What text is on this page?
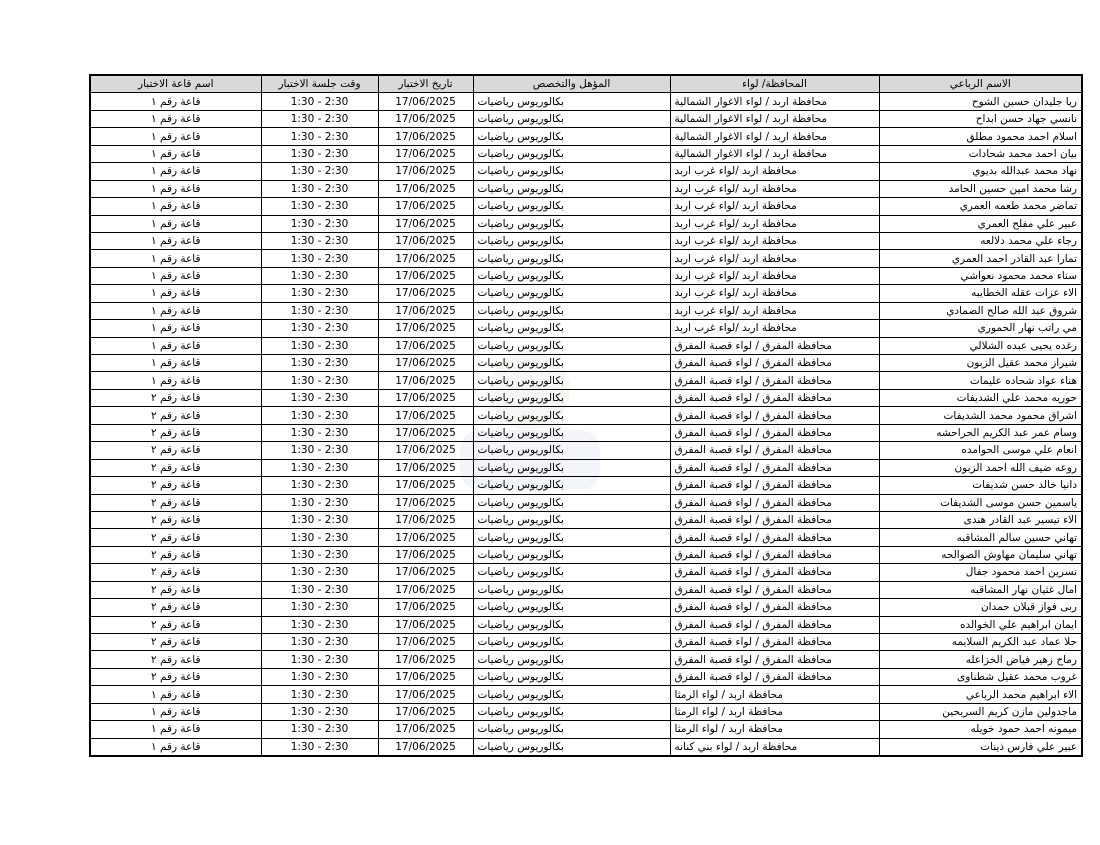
اسم قاعة الاختبار	وقت جلسة الاختبار	تاريخ الاختبار	المؤهل والتخصص	المحافظة/ لواء	الاسم الرباعي
قاعة رقم ١	1:30 - 2:30	17/06/2025	بكالوريوس رياضيات	محافظة اربد / لواء الاغوار الشمالية	ريا جليدان حسين الشوح
قاعة رقم ١	1:30 - 2:30	17/06/2025	بكالوريوس رياضيات	محافظة اربد / لواء الاغوار الشمالية	نانسي جهاد حسن ابداح
قاعة رقم ١	1:30 - 2:30	17/06/2025	بكالوريوس رياضيات	محافظة اربد / لواء الاغوار الشمالية	اسلام احمد محمود مطلق
قاعة رقم ١	1:30 - 2:30	17/06/2025	بكالوريوس رياضيات	محافظة اربد / لواء الاغوار الشمالية	بيان احمد محمد شحادات
قاعة رقم ١	1:30 - 2:30	17/06/2025	بكالوريوس رياضيات	محافظة اربد /لواء غرب اربد	نهاد محمد عبدالله بديوي
قاعة رقم ١	1:30 - 2:30	17/06/2025	بكالوريوس رياضيات	محافظة اربد /لواء غرب اربد	رشا محمد امين حسين الحامد
قاعة رقم ١	1:30 - 2:30	17/06/2025	بكالوريوس رياضيات	محافظة اربد /لواء غرب اربد	تماضر محمد طعمه العمري
قاعة رقم ١	1:30 - 2:30	17/06/2025	بكالوريوس رياضيات	محافظة اربد /لواء غرب اربد	عبير علي مفلح العمري
قاعة رقم ١	1:30 - 2:30	17/06/2025	بكالوريوس رياضيات	محافظة اربد /لواء غرب اربد	رجاء علي محمد دلالعه
قاعة رقم ١	1:30 - 2:30	17/06/2025	بكالوريوس رياضيات	محافظة اربد /لواء غرب اربد	تمارا عبد القادر احمد العمري
قاعة رقم ١	1:30 - 2:30	17/06/2025	بكالوريوس رياضيات	محافظة اربد /لواء غرب اربد	سناء محمد محمود نعواشي
قاعة رقم ١	1:30 - 2:30	17/06/2025	بكالوريوس رياضيات	محافظة اربد /لواء غرب اربد	الاء عزات عقله الخطايبه
قاعة رقم ١	1:30 - 2:30	17/06/2025	بكالوريوس رياضيات	محافظة اربد /لواء غرب اربد	شروق عبد الله صالح الصمادي
قاعة رقم ١	1:30 - 2:30	17/06/2025	بكالوريوس رياضيات	محافظة اربد /لواء غرب اربد	مي راتب نهار الحموري
قاعة رقم ١	1:30 - 2:30	17/06/2025	بكالوريوس رياضيات	محافظة المفرق / لواء قصبة المفرق	رغده يحيى عبده الشلالي
قاعة رقم ١	1:30 - 2:30	17/06/2025	بكالوريوس رياضيات	محافظة المفرق / لواء قصبة المفرق	شيراز محمد عقيل الزبون
قاعة رقم ١	1:30 - 2:30	17/06/2025	بكالوريوس رياضيات	محافظة المفرق / لواء قصبة المفرق	هناء عواد شحاده عليمات
قاعة رقم ٢	1:30 - 2:30	17/06/2025	بكالوريوس رياضيات	محافظة المفرق / لواء قصبة المفرق	حوريه محمد علي الشديفات
قاعة رقم ٢	1:30 - 2:30	17/06/2025	بكالوريوس رياضيات	محافظة المفرق / لواء قصبة المفرق	اشراق محمود محمد الشديفات
قاعة رقم ٢	1:30 - 2:30	17/06/2025	بكالوريوس رياضيات	محافظة المفرق / لواء قصبة المفرق	وسام عمر عبد الكريم الحراحشه
قاعة رقم ٢	1:30 - 2:30	17/06/2025	بكالوريوس رياضيات	محافظة المفرق / لواء قصبة المفرق	انعام علي موسى الحوامده
قاعة رقم ٢	1:30 - 2:30	17/06/2025	بكالوريوس رياضيات	محافظة المفرق / لواء قصبة المفرق	روعه ضيف الله احمد الزبون
قاعة رقم ٢	1:30 - 2:30	17/06/2025	بكالوريوس رياضيات	محافظة المفرق / لواء قصبة المفرق	دانيا خالد حسن شديفات
قاعة رقم ٢	1:30 - 2:30	17/06/2025	بكالوريوس رياضيات	محافظة المفرق / لواء قصبة المفرق	ياسمين حسن موسى الشديفات
قاعة رقم ٢	1:30 - 2:30	17/06/2025	بكالوريوس رياضيات	محافظة المفرق / لواء قصبة المفرق	الاء تيسير عبد القادر هندى
قاعة رقم ٢	1:30 - 2:30	17/06/2025	بكالوريوس رياضيات	محافظة المفرق / لواء قصبة المفرق	تهاني حسين سالم المشاقبه
قاعة رقم ٢	1:30 - 2:30	17/06/2025	بكالوريوس رياضيات	محافظة المفرق / لواء قصبة المفرق	تهاني سليمان مهاوش الصوالحه
قاعة رقم ٢	1:30 - 2:30	17/06/2025	بكالوريوس رياضيات	محافظة المفرق / لواء قصبة المفرق	نسرين احمد محمود جفال
قاعة رقم ٢	1:30 - 2:30	17/06/2025	بكالوريوس رياضيات	محافظة المفرق / لواء قصبة المفرق	امال غثيان نهار المشاقبه
قاعة رقم ٢	1:30 - 2:30	17/06/2025	بكالوريوس رياضيات	محافظة المفرق / لواء قصبة المفرق	ربى فواز قبلان حمدان
قاعة رقم ٢	1:30 - 2:30	17/06/2025	بكالوريوس رياضيات	محافظة المفرق / لواء قصبة المفرق	ايمان ابراهيم علي الخوالده
قاعة رقم ٢	1:30 - 2:30	17/06/2025	بكالوريوس رياضيات	محافظة المفرق / لواء قصبة المفرق	حلا عماد عبد الكريم السلايمه
قاعة رقم ٢	1:30 - 2:30	17/06/2025	بكالوريوس رياضيات	محافظة المفرق / لواء قصبة المفرق	رماح زهير فياض الخزاعله
قاعة رقم ٢	1:30 - 2:30	17/06/2025	بكالوريوس رياضيات	محافظة المفرق / لواء قصبة المفرق	غروب محمد عقيل شطناوى
قاعة رقم ١	1:30 - 2:30	17/06/2025	بكالوريوس رياضيات	محافظة اربد / لواء الرمثا	الاء ابراهيم محمد الرباعي
قاعة رقم ١	1:30 - 2:30	17/06/2025	بكالوريوس رياضيات	محافظة اربد / لواء الرمثا	ماجدولين مازن كريم السريحين
قاعة رقم ١	1:30 - 2:30	17/06/2025	بكالوريوس رياضيات	محافظة اربد / لواء الرمثا	ميمونه احمد حمود خويله
قاعة رقم ١	1:30 - 2:30	17/06/2025	بكالوريوس رياضيات	محافظة اربد / لواء بني كنانه	عبير علي فارس ذينات
